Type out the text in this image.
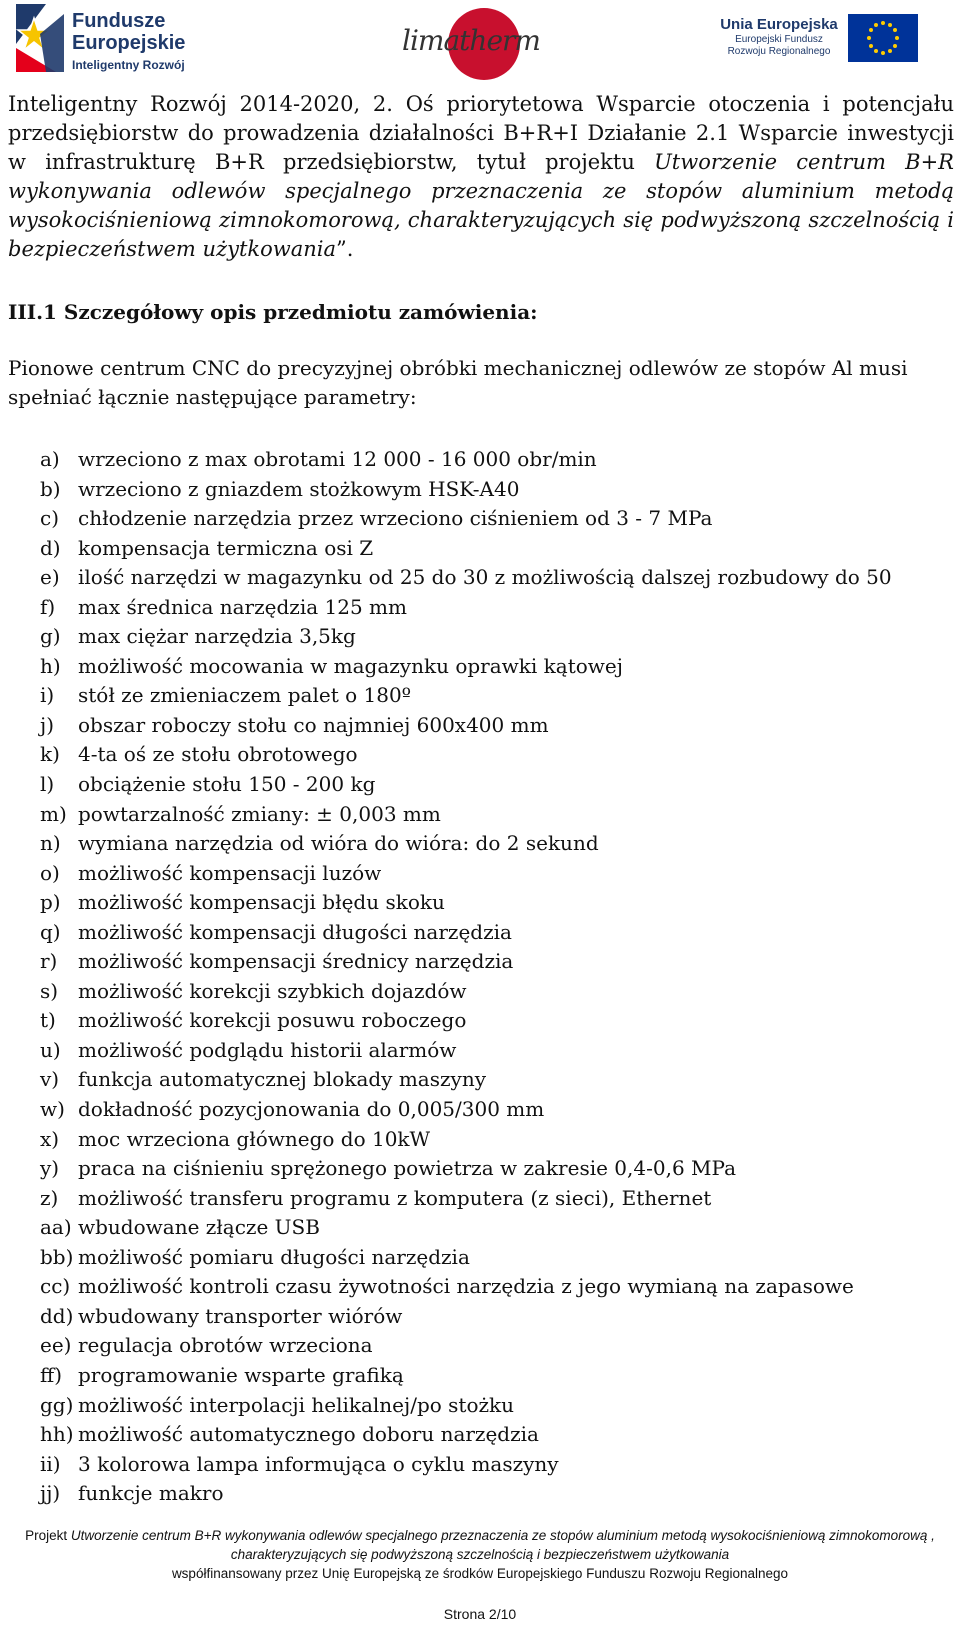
Fundusze
Europejskie
Inteligentny Rozwój
limatherm	Unia Europejska
Europejski Fundusz
Rozwoju Regionalnego
Inteligentny Rozwój 2014-2020, 2. Oś priorytetowa Wsparcie otoczenia i potencjału przedsiębiorstw do prowadzenia działalności B+R+I Działanie 2.1 Wsparcie inwestycji w infrastrukturę B+R przedsiębiorstw, tytuł projektu Utworzenie centrum B+R wykonywania odlewów specjalnego przeznaczenia ze stopów aluminium metodą wysokociśnieniową zimnokomorową, charakteryzujących się podwyższoną szczelnością i bezpieczeństwem użytkowania”.
III.1 Szczegółowy opis przedmiotu zamówienia:
Pionowe centrum CNC do precyzyjnej obróbki mechanicznej odlewów ze stopów Al musi spełniać łącznie następujące parametry:
a) wrzeciono z max obrotami 12 000 - 16 000 obr/min
b) wrzeciono z gniazdem stożkowym HSK-A40
c) chłodzenie narzędzia przez wrzeciono ciśnieniem od 3 - 7 MPa
d) kompensacja termiczna osi Z
e) ilość narzędzi w magazynku od 25 do 30 z możliwością dalszej rozbudowy do 50
f) max średnica narzędzia 125 mm
g) max ciężar narzędzia 3,5kg
h) możliwość mocowania w magazynku oprawki kątowej
i) stół ze zmieniaczem palet o 180º
j) obszar roboczy stołu co najmniej 600x400 mm
k) 4-ta oś ze stołu obrotowego
l) obciążenie stołu 150 - 200 kg
m) powtarzalność zmiany: ± 0,003 mm
n) wymiana narzędzia od wióra do wióra: do 2 sekund
o) możliwość kompensacji luzów
p) możliwość kompensacji błędu skoku
q) możliwość kompensacji długości narzędzia
r) możliwość kompensacji średnicy narzędzia
s) możliwość korekcji szybkich dojazdów
t) możliwość korekcji posuwu roboczego
u) możliwość podglądu historii alarmów
v) funkcja automatycznej blokady maszyny
w) dokładność pozycjonowania do 0,005/300 mm
x) moc wrzeciona głównego do 10kW
y) praca na ciśnieniu sprężonego powietrza w zakresie 0,4-0,6 MPa
z) możliwość transferu programu z komputera (z sieci), Ethernet
aa) wbudowane złącze USB
bb) możliwość pomiaru długości narzędzia
cc) możliwość kontroli czasu żywotności narzędzia z jego wymianą na zapasowe
dd) wbudowany transporter wiórów
ee) regulacja obrotów wrzeciona
ff) programowanie wsparte grafiką
gg) możliwość interpolacji helikalnej/po stożku
hh) możliwość automatycznego doboru narzędzia
ii) 3 kolorowa lampa informująca o cyklu maszyny
jj) funkcje makro
Projekt Utworzenie centrum B+R wykonywania odlewów specjalnego przeznaczenia ze stopów aluminium metodą wysokociśnieniową zimnokomorową , charakteryzujących się podwyższoną szczelnością i bezpieczeństwem użytkowania
współfinansowany przez Unię Europejską ze środków Europejskiego Funduszu Rozwoju Regionalnego
Strona 2/10
